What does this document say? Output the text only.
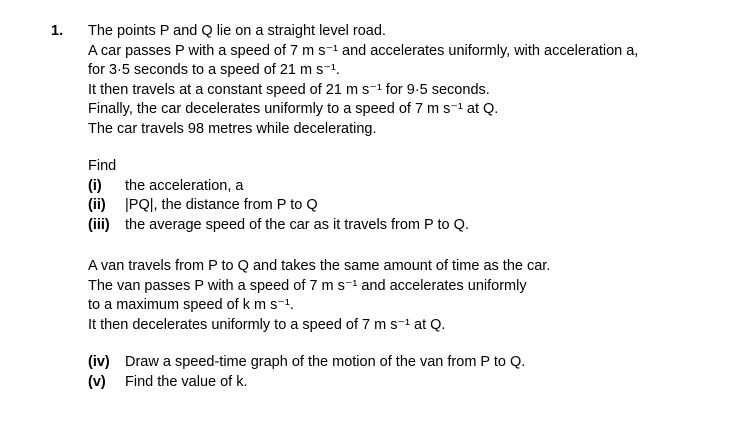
1. The points P and Q lie on a straight level road.
A car passes P with a speed of 7 m s⁻¹ and accelerates uniformly, with acceleration a,
for 3·5 seconds to a speed of 21 m s⁻¹.
It then travels at a constant speed of 21 m s⁻¹ for 9·5 seconds.
Finally, the car decelerates uniformly to a speed of 7 m s⁻¹ at Q.
The car travels 98 metres while decelerating.
Find
(i)	the acceleration, a
(ii)	|PQ|, the distance from P to Q
(iii)	the average speed of the car as it travels from P to Q.
A van travels from P to Q and takes the same amount of time as the car.
The van passes P with a speed of 7 m s⁻¹ and accelerates uniformly
to a maximum speed of k m s⁻¹.
It then decelerates uniformly to a speed of 7 m s⁻¹ at Q.
(iv)	Draw a speed-time graph of the motion of the van from P to Q.
(v)	Find the value of k.
